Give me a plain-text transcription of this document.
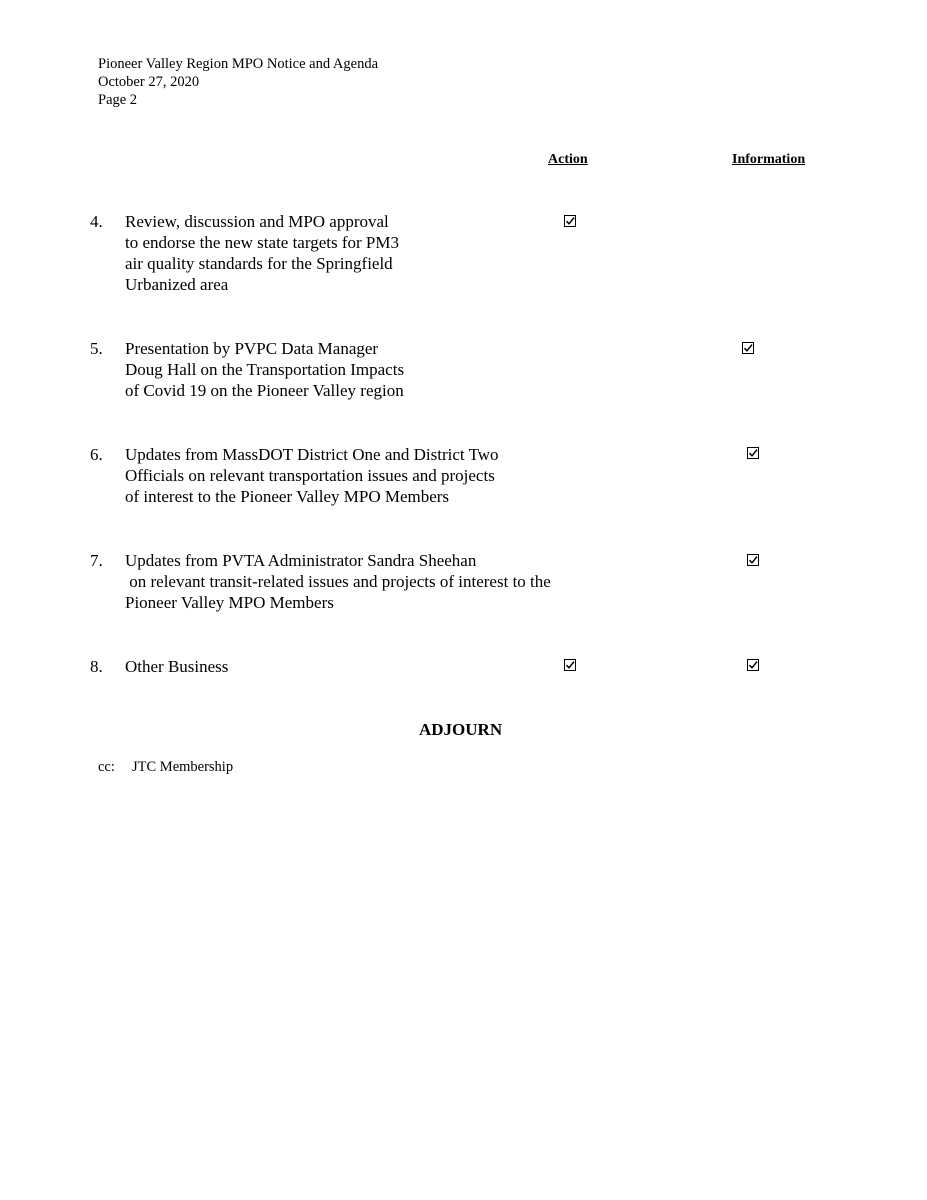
Pioneer Valley Region MPO Notice and Agenda
October 27, 2020
Page 2
Action	Information
4. Review, discussion and MPO approval
to endorse the new state targets for PM3
air quality standards for the Springfield
Urbanized area
5. Presentation by PVPC Data Manager
Doug Hall on the Transportation Impacts
of Covid 19 on the Pioneer Valley region
6. Updates from MassDOT District One and District Two
Officials on relevant transportation issues and projects
of interest to the Pioneer Valley MPO Members
7. Updates from PVTA Administrator Sandra Sheehan
on relevant transit-related issues and projects of interest to the
Pioneer Valley MPO Members
8. Other Business
ADJOURN
cc: JTC Membership
